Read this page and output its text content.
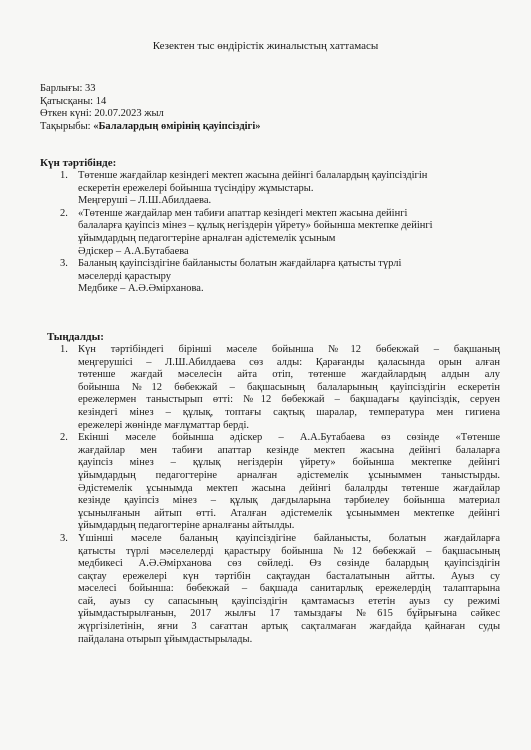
Кезектен тыс өндірістік жиналыстың хаттамасы
Барлығы: 33
Қатысқаны: 14
Өткен күні: 20.07.2023 жыл
Тақырыбы: «Балалардың өмірінің қауіпсіздігі»
Күн тәртібінде:
1. Төтенше жағдайлар кезіндегі мектеп жасына дейінгі балалардың қауіпсіздігін
ескеретін ережелері бойынша түсіндіру жұмыстары.
Меңгеруші – Л.Ш.Абилдаева.
2. «Төтенше жағдайлар мен табиғи апаттар кезіндегі мектеп жасына дейінгі
балаларға қауіпсіз мінез – құлық негіздерін үйрету» бойынша мектепке дейінгі
ұйымдардың педагогтеріне арналған әдістемелік ұсыным
Әдіскер – А.А.Бутабаева
3. Баланың қауіпсіздігіне байланысты болатын жағдайларға қатысты түрлі
мәселерді қарастыру
Медбике – А.Ә.Әмірханова.
Тыңдалды:
1. Күн тәртібіндегі бірінші мәселе бойынша №12 бөбекжай – бақшаның
меңгерушісі – Л.Ш.Абилдаева сөз алды: Қарағанды қаласында орын алған
төтенше жағдай мәселесін айта отіп, төтенше жағдайлардың алдын алу
бойынша №12 бөбекжай – бақшасының балаларының қауіпсіздігін ескеретін
ережелермен таныстырып өтті: №12 бөбекжай – бақшадағы қауіпсіздік, серуен
кезіндегі мінез – құлық, топтағы сақтық шаралар, температура мен гигиена
ережелері жөнінде мағлұматтар берді.
2. Екінші мәселе бойынша әдіскер – А.А.Бутабаева өз сөзінде «Төтенше
жағдайлар мен табиғи апаттар кезінде мектеп жасына дейінгі балаларға
қауіпсіз мінез – құлық негіздерін үйрету» бойынша мектепке дейінгі
ұйымдардың педагогтеріне арналған әдістемелік ұсыныммен таныстырды.
Әдістемелік ұсынымда мектеп жасына дейінгі балалрды төтенше жағдайлар
кезінде қауіпсіз мінез – құлық дағдыларына тәрбиелеу бойынша материал
ұсынылғанын айтып өтті. Аталған әдістемелік ұсыныммен мектепке дейінгі
ұйымдардың педагогтеріне арналғаны айтылды.
3. Үшінші мәселе баланың қауіпсіздігіне байланысты, болатын жағдайларға
қатысты түрлі мәселелерді қарастыру бойынша №12 бөбекжай – бақшасының
медбикесі А.Ә.Әмірханова сөз сөйледі. Өз сөзінде балардың қауіпсіздігін
сақтау ережелері күн тәртібін сақтаудан басталатынын айтты. Ауыз су
мәселесі бойынша: бөбекжай – бақшада санитарлық ережелердің талаптарына
сай, ауыз су сапасының қауіпсіздігін қамтамасыз ететін ауыз су режимі
ұйымдастырылғанын, 2017 жылғы 17 тамыздағы №615 бұйрығына сәйкес
жүргізілетінін, яғни 3 сағаттан артық сақталмаған жағдайда қайнаған суды
пайдалана отырып ұйымдастырылады.
